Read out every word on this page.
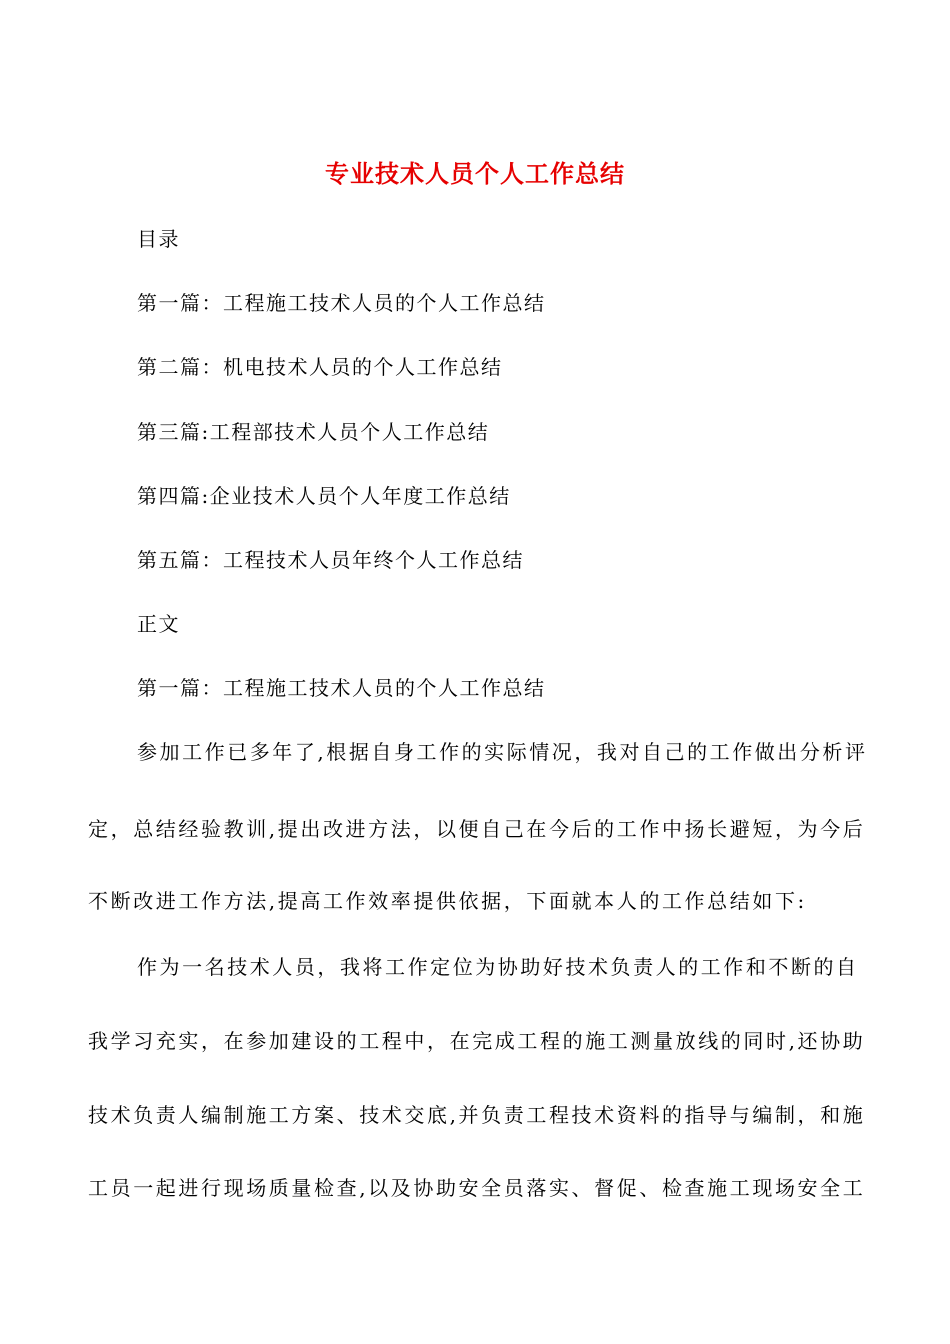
专业技术人员个人工作总结

目录

第一篇：工程施工技术人员的个人工作总结

第二篇：机电技术人员的个人工作总结

第三篇:工程部技术人员个人工作总结

第四篇:企业技术人员个人年度工作总结

第五篇：工程技术人员年终个人工作总结

正文

第一篇：工程施工技术人员的个人工作总结

参加工作已多年了,根据自身工作的实际情况，我对自己的工作做出分析评

定，总结经验教训,提出改进方法，以便自己在今后的工作中扬长避短，为今后

不断改进工作方法,提高工作效率提供依据，下面就本人的工作总结如下:

作为一名技术人员，我将工作定位为协助好技术负责人的工作和不断的自

我学习充实，在参加建设的工程中，在完成工程的施工测量放线的同时,还协助

技术负责人编制施工方案、技术交底,并负责工程技术资料的指导与编制，和施

工员一起进行现场质量检查,以及协助安全员落实、督促、检查施工现场安全工
